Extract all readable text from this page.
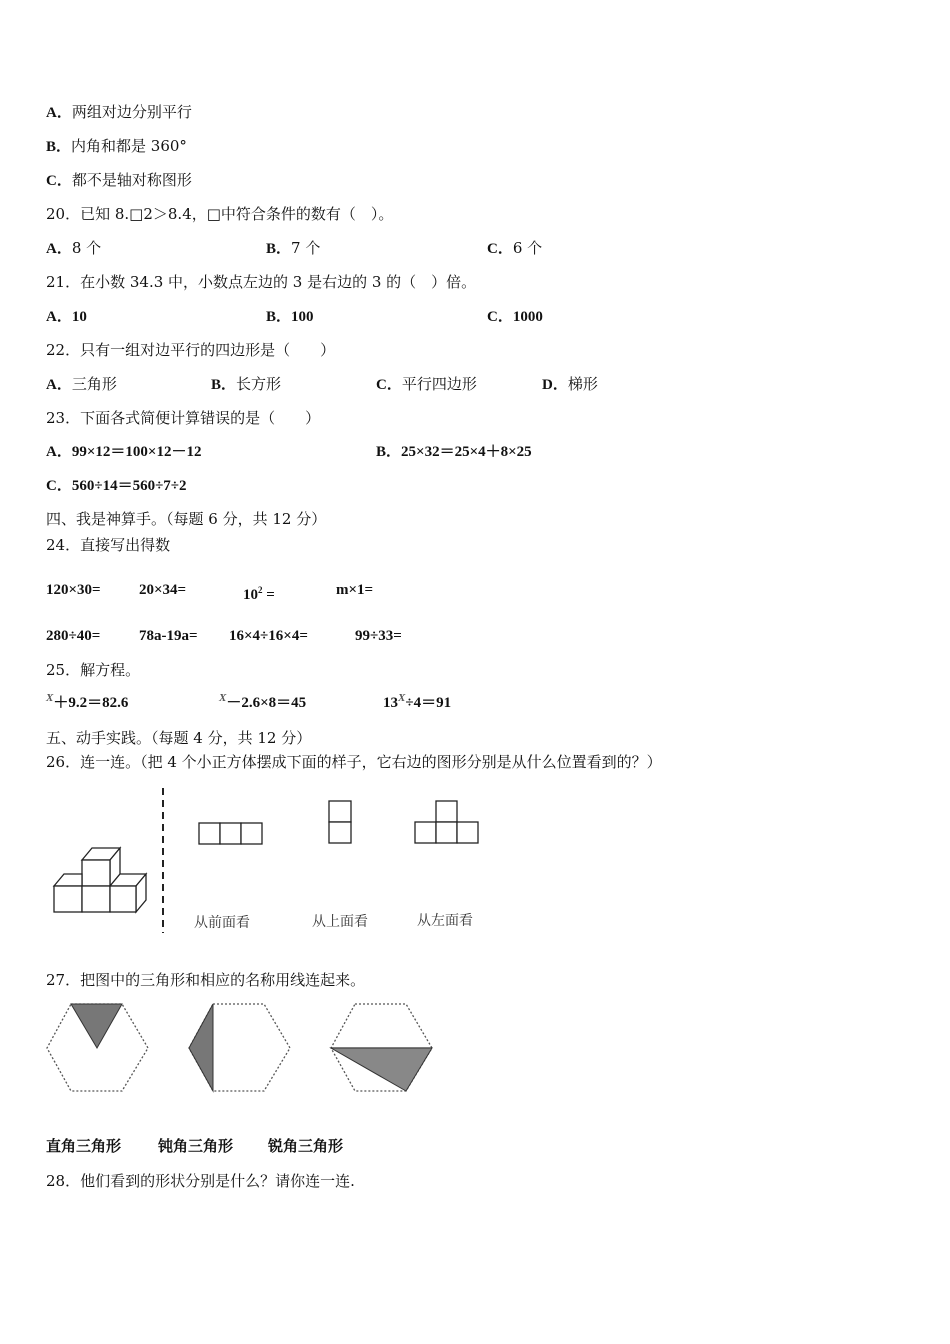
A．两组对边分别平行
B．内角和都是 360°
C．都不是轴对称图形
20．已知 8.□2＞8.4，□中符合条件的数有（　）。
A．8 个	B．7 个	C．6 个
21．在小数 34.3 中，小数点左边的 3 是右边的 3 的（　）倍。
A．10	B．100	C．1000
22．只有一组对边平行的四边形是（　　）
A．三角形	B．长方形	C．平行四边形	D．梯形
23．下面各式简便计算错误的是（　　）
A．99×12＝100×12－12	B．25×32＝25×4＋8×25
C．560÷14＝560÷7÷2
四、我是神算手。（每题 6 分，共 12 分）
24．直接写出得数
120×30=	20×34=	$10^2$ =	m×1=
280÷40=	78a-19a= 16×4÷16×4=	99÷33=
25．解方程。
$^X$＋9.2＝82.6	$^X$－2.6×8＝45	$13^X\div 4=91$
五、动手实践。（每题 4 分，共 12 分）
26．连一连。（把 4 个小正方体摆成下面的样子，它右边的图形分别是从什么位置看到的？）
从前面看	从上面看	从左面看
27．把图中的三角形和相应的名称用线连起来。
直角三角形 钝角三角形 锐角三角形
28．他们看到的形状分别是什么？请你连一连.
